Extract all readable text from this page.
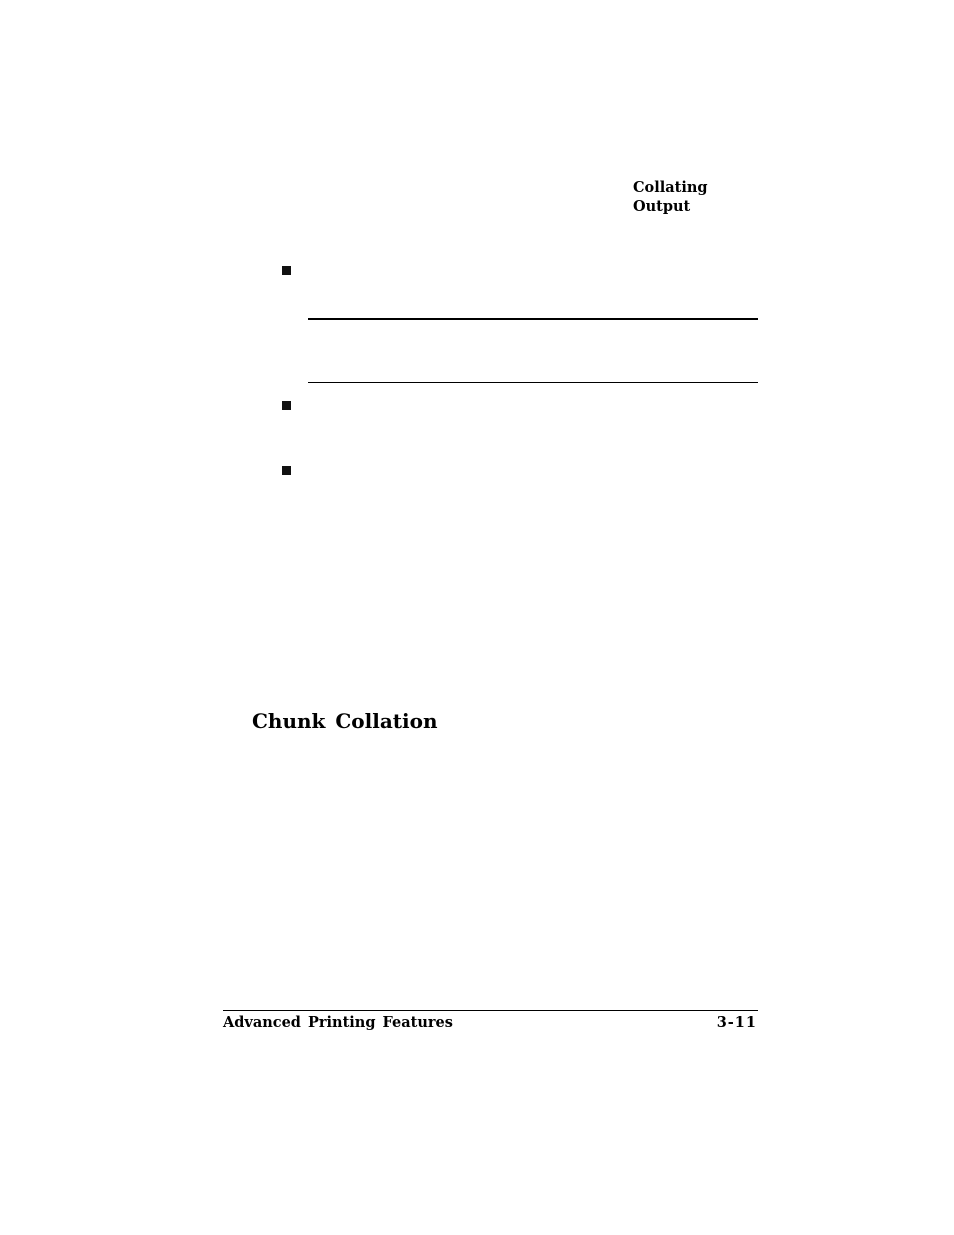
Collating
Output
Chunk Collation
Advanced Printing Features	3-11
